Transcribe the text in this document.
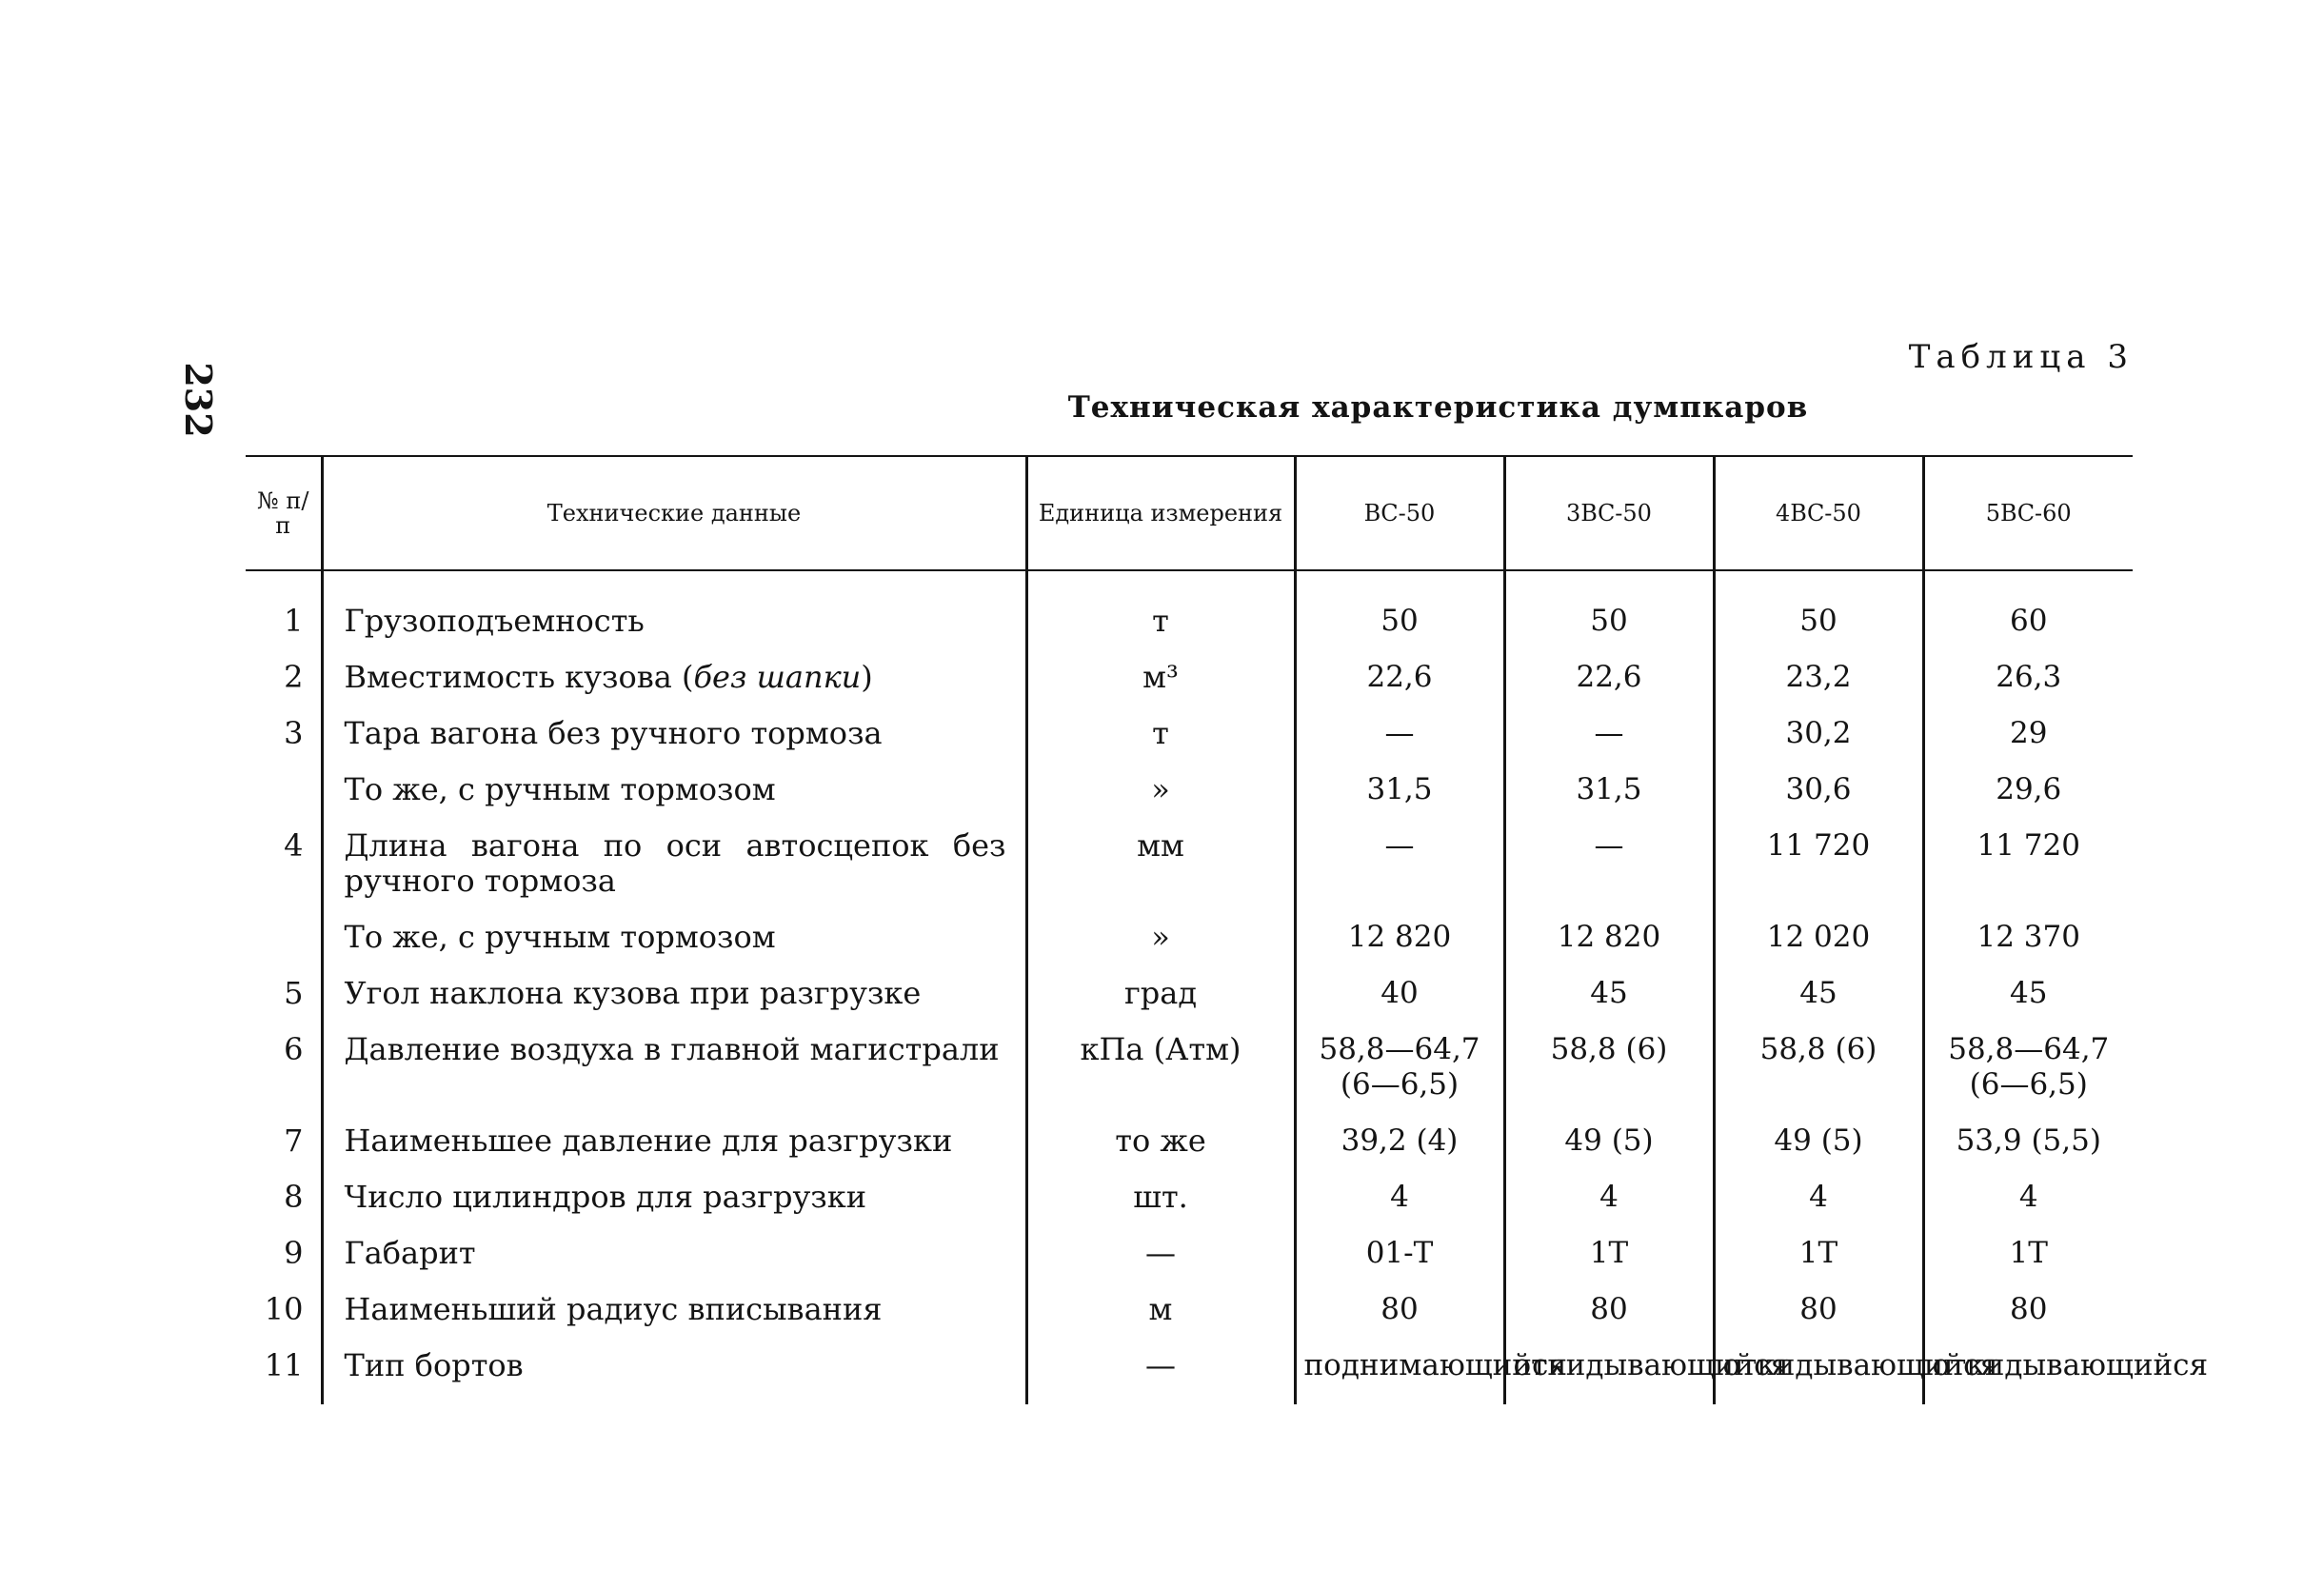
232
Таблица 3
Техническая характеристика думпкаров
№ п/п	Технические данные	Единица измерения	ВС-50	3ВС-50	4ВС-50	5ВС-60

1	Грузоподъемность	т	50	50	50	60
2	Вместимость кузова (без шапки)	м³	22,6	22,6	23,2	26,3
3	Тара вагона без ручного тормоза	т	—	—	30,2	29
	То же, с ручным тормозом	»	31,5	31,5	30,6	29,6
4	Длина вагона по оси автосцепок без ручного тормоза	мм	—	—	11 720	11 720
	То же, с ручным тормозом	»	12 820	12 820	12 020	12 370
5	Угол наклона кузова при разгрузке	град	40	45	45	45
6	Давление воздуха в главной магистрали	кПа (Атм)	58,8—64,7 (6—6,5)	58,8 (6)	58,8 (6)	58,8—64,7 (6—6,5)
7	Наименьшее давление для разгрузки	то же	39,2 (4)	49 (5)	49 (5)	53,9 (5,5)
8	Число цилиндров для разгрузки	шт.	4	4	4	4
9	Габарит	—	01-Т	1Т	1Т	1Т
10	Наименьший радиус вписывания	м	80	80	80	80
11	Тип бортов	—	поднимающийся	откидывающийся	откидывающийся	откидывающийся
